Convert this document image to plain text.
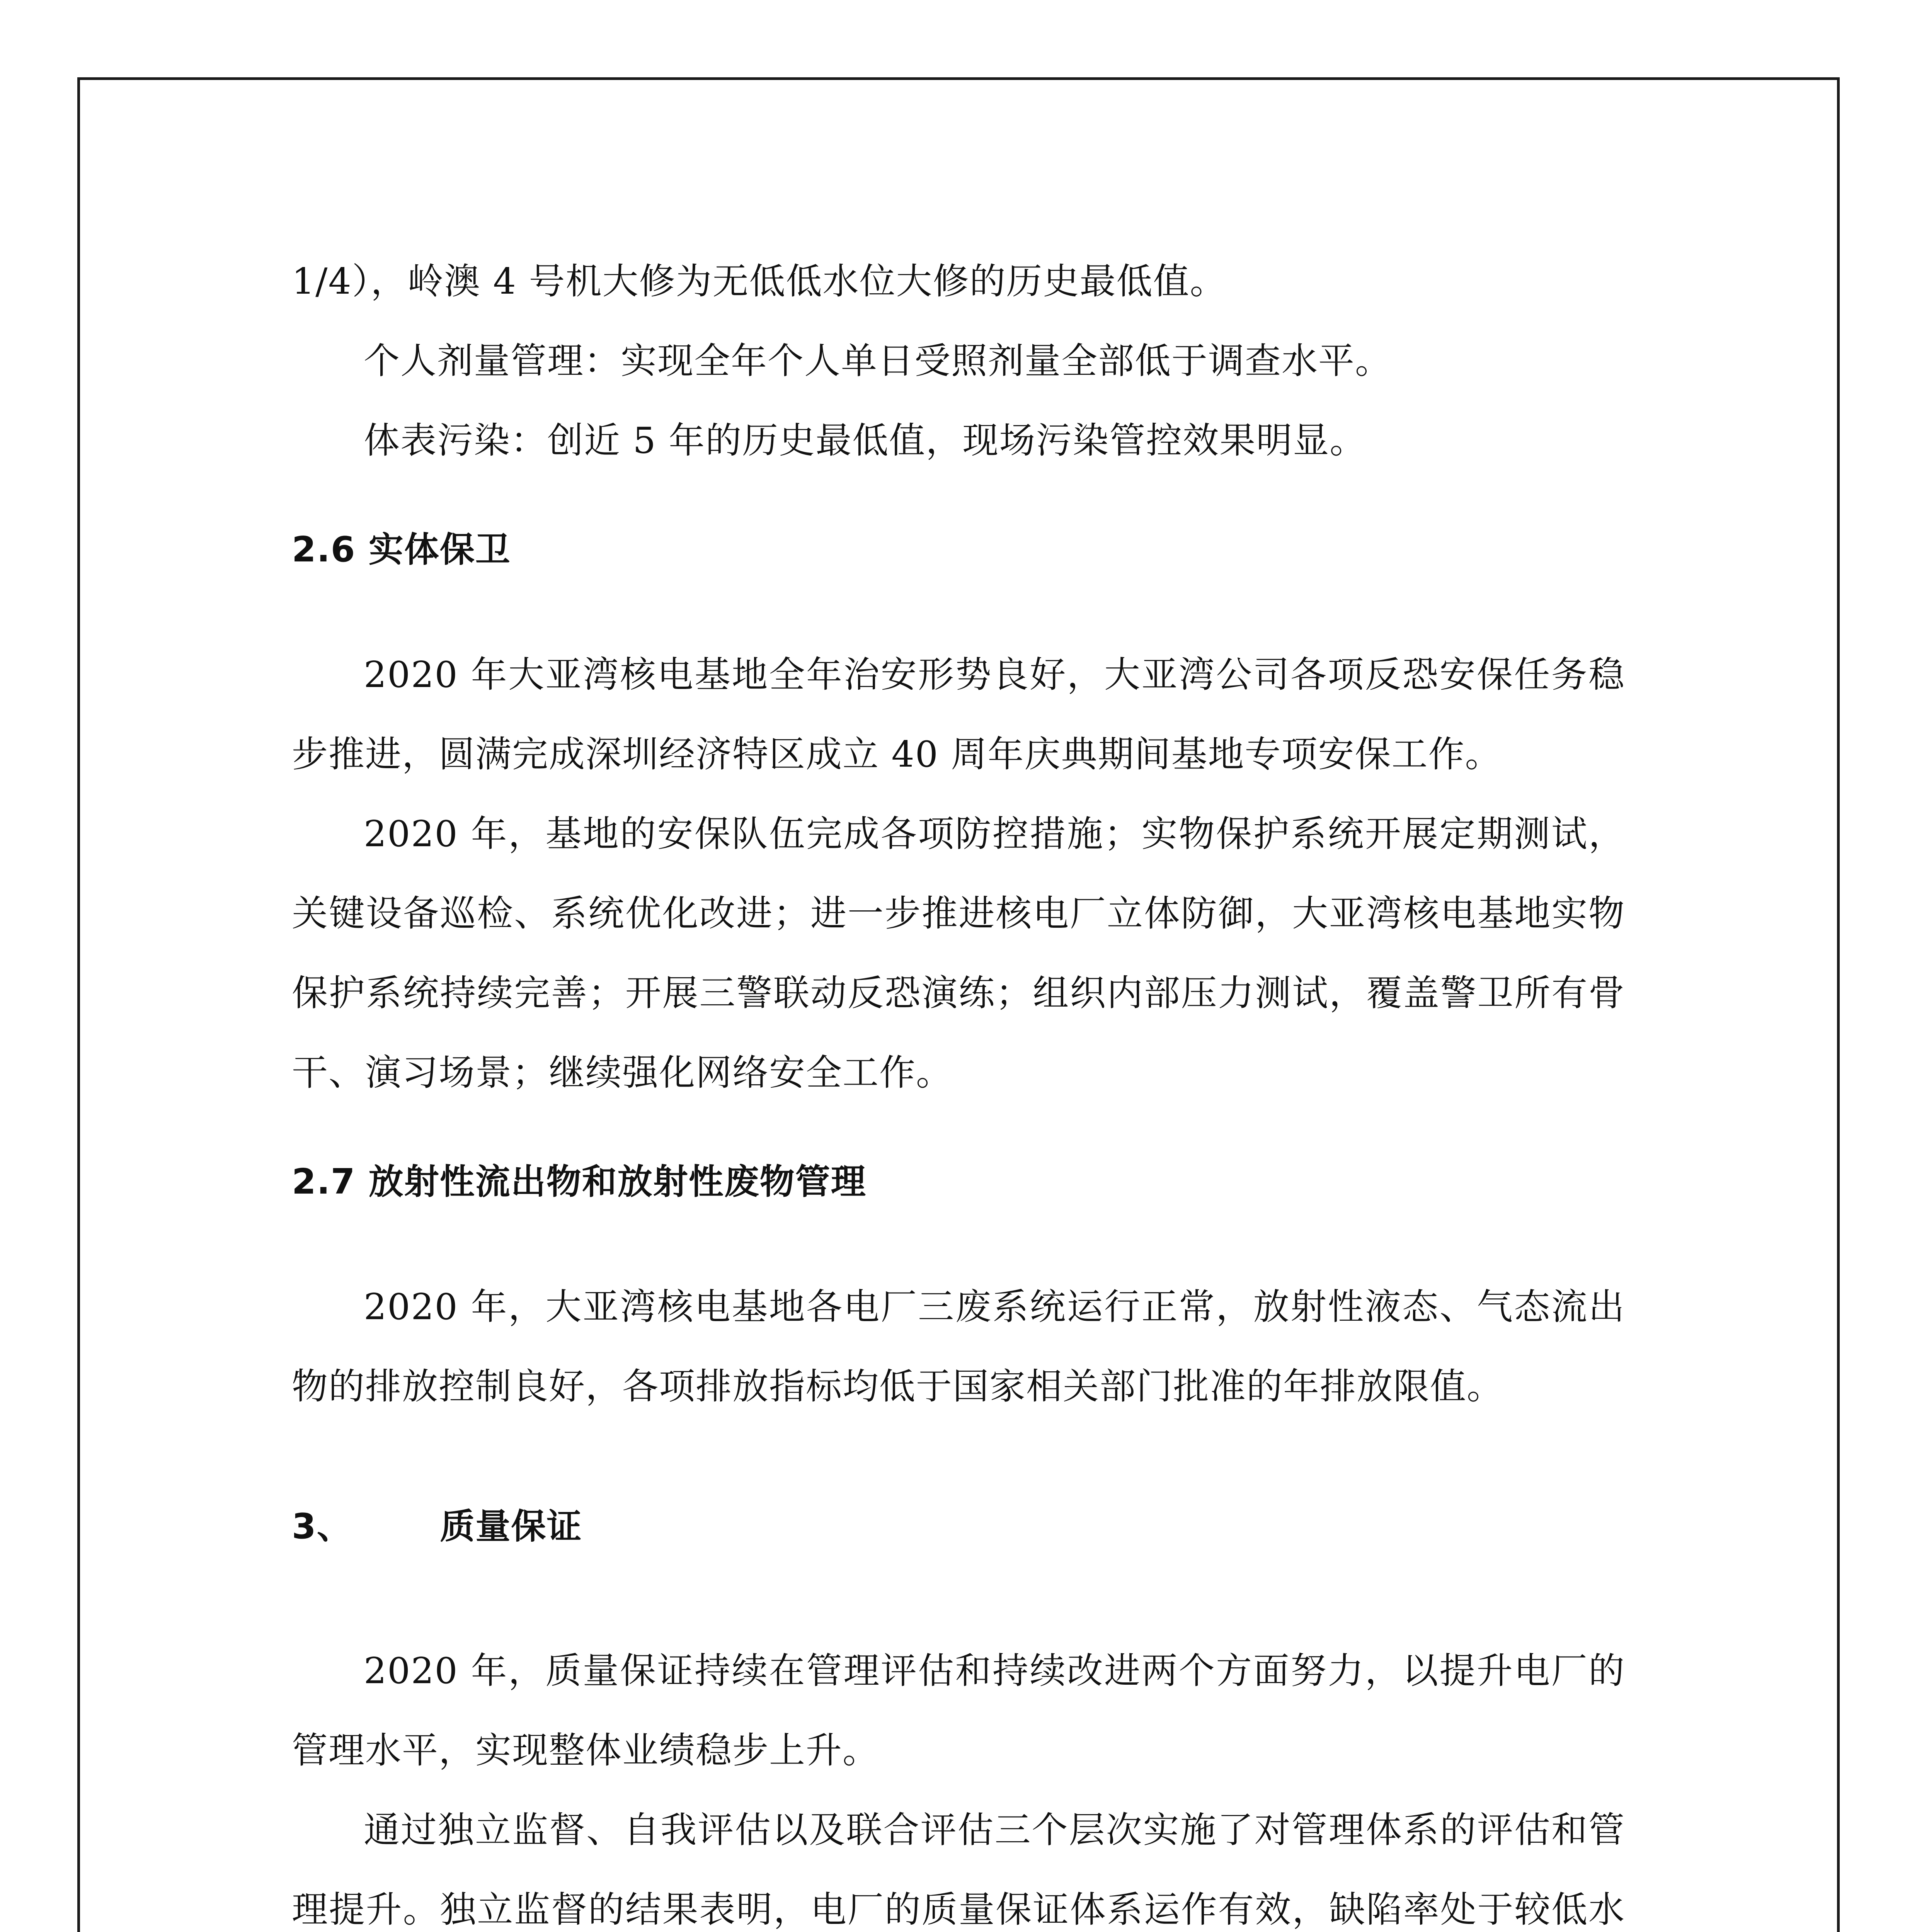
1/4），岭澳 4 号机大修为无低低水位大修的历史最低值。

个人剂量管理：实现全年个人单日受照剂量全部低于调查水平。

体表污染：创近 5 年的历史最低值，现场污染管控效果明显。

2.6 实体保卫

2020 年大亚湾核电基地全年治安形势良好，大亚湾公司各项反恐安保任务稳步推进，圆满完成深圳经济特区成立 40 周年庆典期间基地专项安保工作。

2020 年，基地的安保队伍完成各项防控措施；实物保护系统开展定期测试，关键设备巡检、系统优化改进；进一步推进核电厂立体防御，大亚湾核电基地实物保护系统持续完善；开展三警联动反恐演练；组织内部压力测试，覆盖警卫所有骨干、演习场景；继续强化网络安全工作。

2.7 放射性流出物和放射性废物管理

2020 年，大亚湾核电基地各电厂三废系统运行正常，放射性液态、气态流出物的排放控制良好，各项排放指标均低于国家相关部门批准的年排放限值。

3、	质量保证

2020 年，质量保证持续在管理评估和持续改进两个方面努力，以提升电厂的管理水平，实现整体业绩稳步上升。

通过独立监督、自我评估以及联合评估三个层次实施了对管理体系的评估和管理提升。独立监督的结果表明，电厂的质量保证体系运作有效，缺陷率处于较低水
